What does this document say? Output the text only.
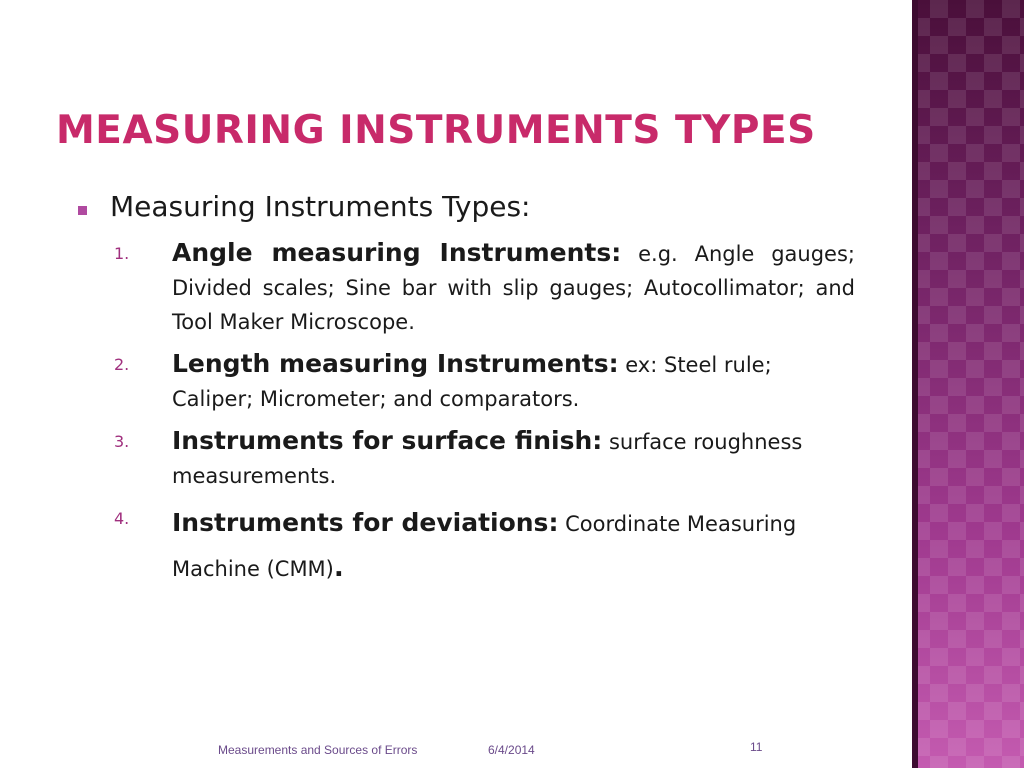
MEASURING INSTRUMENTS TYPES
Measuring Instruments Types:
1. Angle measuring Instruments: e.g. Angle gauges; Divided scales; Sine bar with slip gauges; Autocollimator; and Tool Maker Microscope.
2. Length measuring Instruments: ex: Steel rule; Caliper; Micrometer; and comparators.
3. Instruments for surface finish: surface roughness measurements.
4. Instruments for deviations: Coordinate Measuring Machine (CMM).
Measurements and Sources of Errors	6/4/2014	11
